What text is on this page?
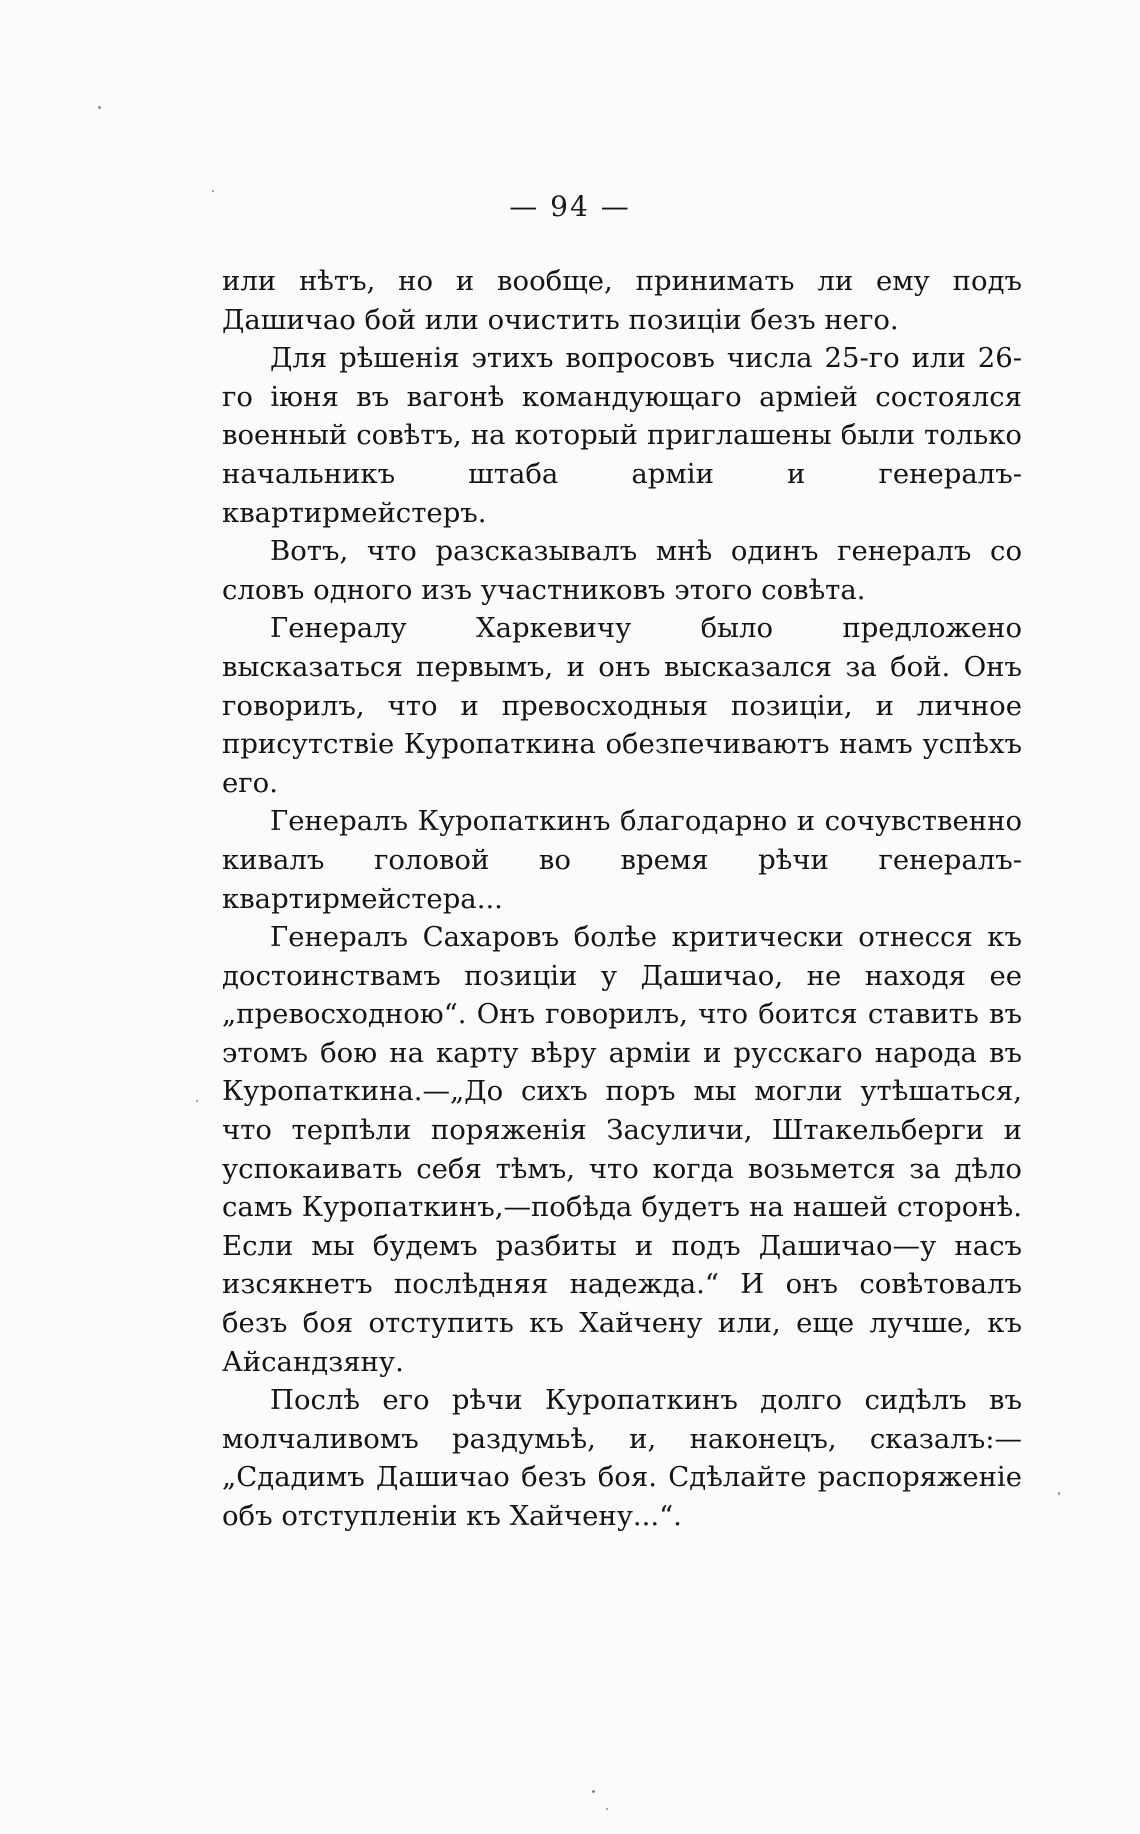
— 94 —

или нѣтъ, но и вообще, принимать ли ему подъ Дашичао бой или очистить позиціи безъ него.

Для рѣшенія этихъ вопросовъ числа 25-го или 26-го іюня въ вагонѣ командующаго арміей состоялся военный совѣтъ, на который приглашены были только начальникъ штаба арміи и генералъ-квартирмейстеръ.

Вотъ, что разсказывалъ мнѣ одинъ генералъ со словъ одного изъ участниковъ этого совѣта.

Генералу Харкевичу было предложено высказаться первымъ, и онъ высказался за бой. Онъ говорилъ, что и превосходныя позиціи, и личное присутствіе Куропаткина обезпечиваютъ намъ успѣхъ его.

Генералъ Куропаткинъ благодарно и сочувственно кивалъ головой во время рѣчи генералъ-квартирмейстера...

Генералъ Сахаровъ болѣе критически отнесся къ достоинствамъ позиціи у Дашичао, не находя ее „превосходною“. Онъ говорилъ, что боится ставить въ этомъ бою на карту вѣру арміи и русскаго народа въ Куропаткина.—„До сихъ поръ мы могли утѣшаться, что терпѣли поряженія Засуличи, Штакельберги и успокаивать себя тѣмъ, что когда возьмется за дѣло самъ Куропаткинъ,—побѣда будетъ на нашей сторонѣ. Если мы будемъ разбиты и подъ Дашичао—у насъ изсякнетъ послѣдняя надежда.“ И онъ совѣтовалъ безъ боя отступить къ Хайчену или, еще лучше, къ Айсандзяну.

Послѣ его рѣчи Куропаткинъ долго сидѣлъ въ молчаливомъ раздумьѣ, и, наконецъ, сказалъ:— „Сдадимъ Дашичао безъ боя. Сдѣлайте распоряженіе объ отступленіи къ Хайчену...“.
